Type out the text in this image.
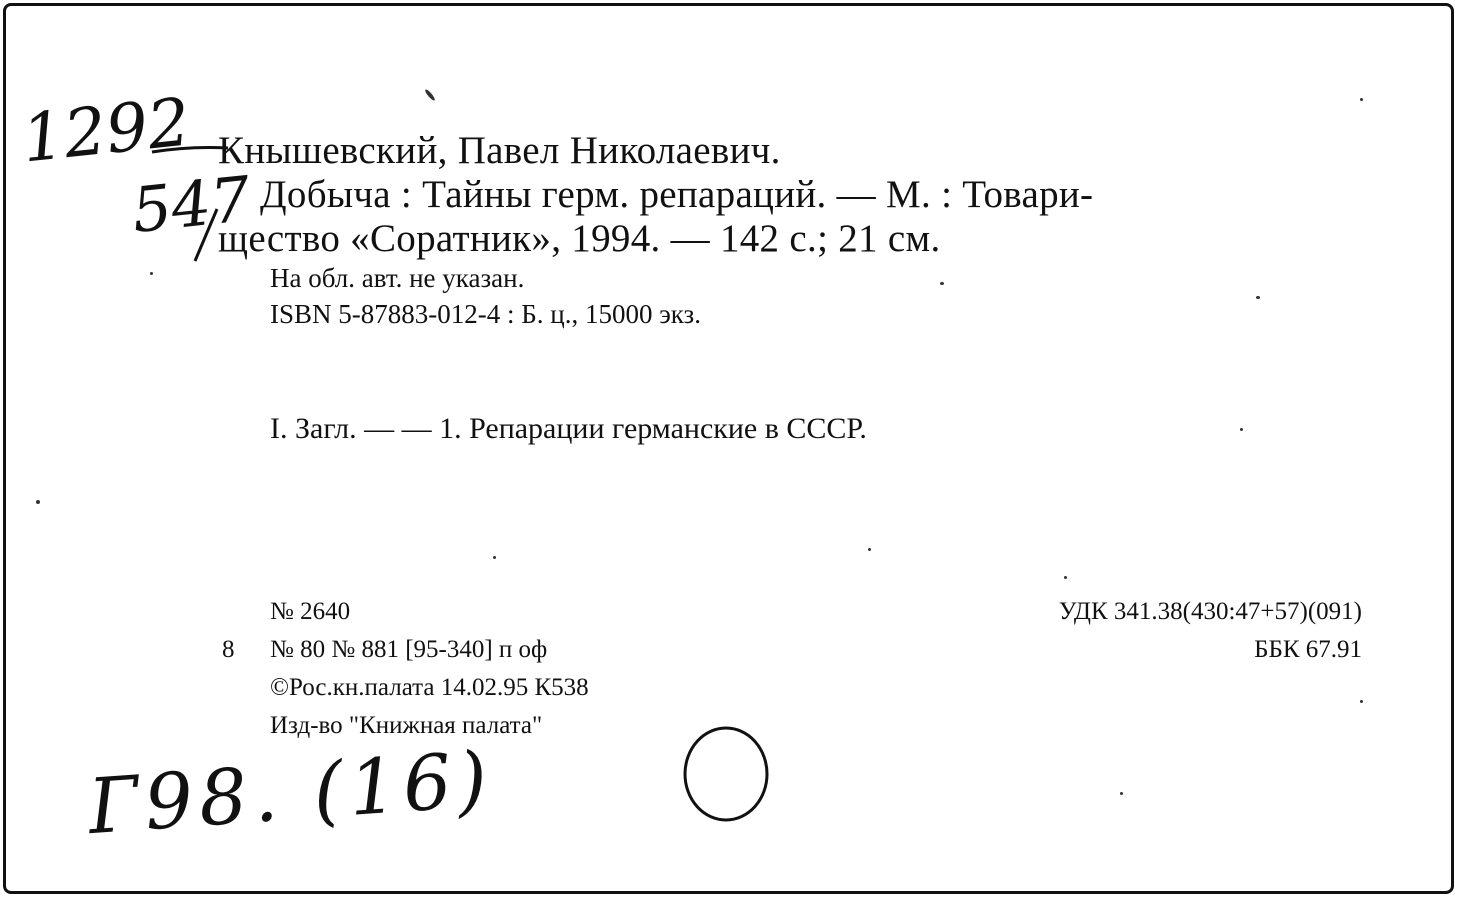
1292
547
Кнышевский, Павел Николаевич.
Добыча : Тайны герм. репараций. — М. : Товари-
щество «Соратник», 1994. — 142 с.; 21 см.
На обл. авт. не указан.
ISBN 5-87883-012-4 : Б. ц., 15000 экз.
I. Загл. — — 1. Репарации германские в СССР.
№ 2640
8 № 80 № 881 [95-340] п оф
©Рос.кн.палата 14.02.95 К538
Изд-во "Книжная палата"
УДК 341.38(430:47+57)(091)
ББК 67.91
Г98. (16)
